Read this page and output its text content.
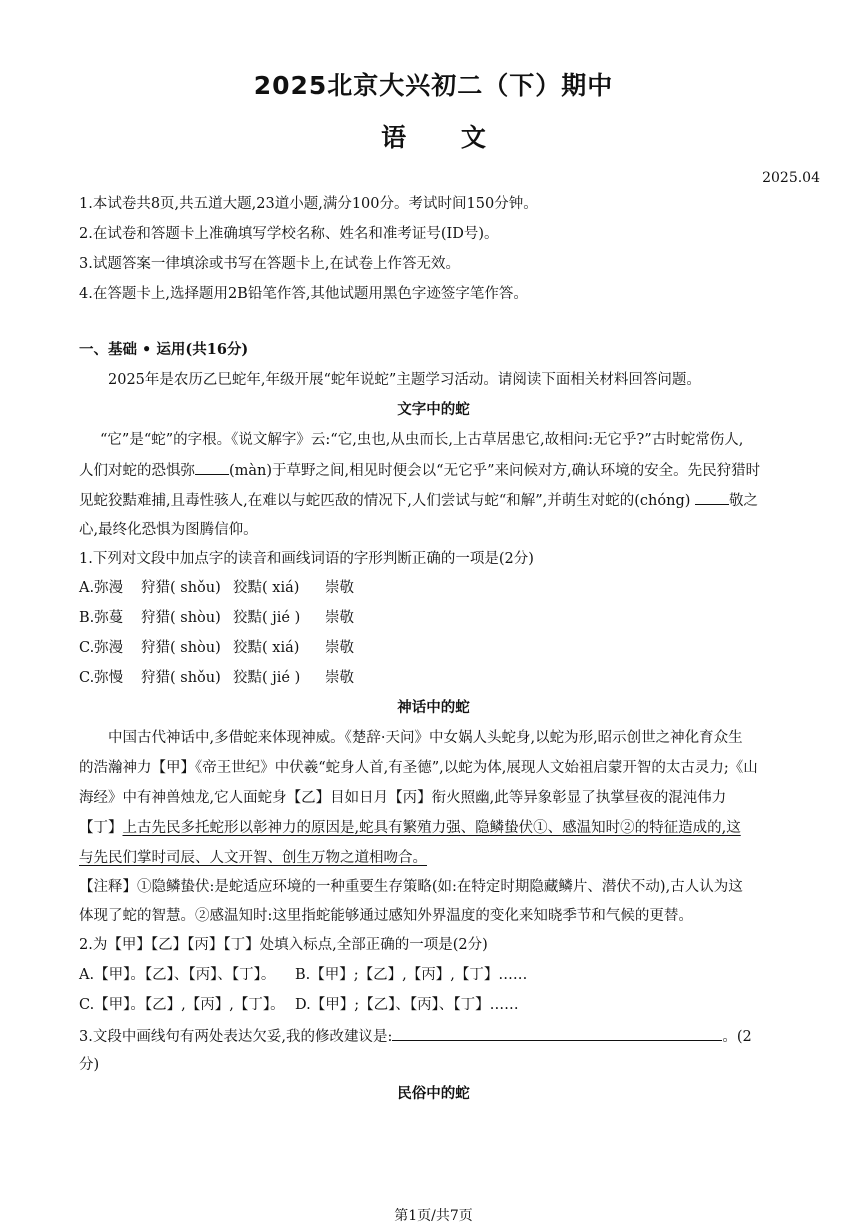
2025北京大兴初二（下）期中
语 文
2025.04
1.本试卷共8页,共五道大题,23道小题,满分100分。考试时间150分钟。
2.在试卷和答题卡上准确填写学校名称、姓名和准考证号(ID号)。
3.试题答案一律填涂或书写在答题卡上,在试卷上作答无效。
4.在答题卡上,选择题用2B铅笔作答,其他试题用黑色字迹签字笔作答。
一、基础 • 运用(共16分)
2025年是农历乙巳蛇年,年级开展“蛇年说蛇”主题学习活动。请阅读下面相关材料回答问题。
文字中的蛇
“它”是“蛇”的字根。《说文解字》云:“它,虫也,从虫而长,上古草居患它,故相问:无它乎?”古时蛇常伤人,
人们对蛇的恐惧弥 (màn)于草野之间,相见时便会以“无它乎”来问候对方,确认环境的安全。先民狩猎时
见蛇狡黠难捕,且毒性骇人,在难以与蛇匹敌的情况下,人们尝试与蛇“和解”,并萌生对蛇的(chóng)	敬之
心,最终化恐惧为图腾信仰。
1.下列对文段中加点字的读音和画线词语的字形判断正确的一项是(2分)
A.弥漫 狩猎( shǒu) 狡黠( xiá) 崇敬
B.弥蔓 狩猎( shòu) 狡黠( jié ) 崇敬
C.弥漫 狩猎( shòu) 狡黠( xiá) 崇敬
C.弥慢 狩猎( shǒu) 狡黠( jié ) 崇敬
神话中的蛇
中国古代神话中,多借蛇来体现神威。《楚辞·天问》中女娲人头蛇身,以蛇为形,昭示创世之神化育众生
的浩瀚神力【甲】《帝王世纪》中伏羲“蛇身人首,有圣德”,以蛇为体,展现人文始祖启蒙开智的太古灵力;《山
海经》中有神兽烛龙,它人面蛇身【乙】目如日月【丙】衔火照幽,此等异象彰显了执掌昼夜的混沌伟力
【丁】上古先民多托蛇形以彰神力的原因是,蛇具有繁殖力强、隐鳞蛰伏①、感温知时②的特征造成的,这
与先民们掌时司辰、人文开智、创生万物之道相吻合。
【注释】①隐鳞蛰伏:是蛇适应环境的一种重要生存策略(如:在特定时期隐藏鳞片、潜伏不动),古人认为这
体现了蛇的智慧。②感温知时:这里指蛇能够通过感知外界温度的变化来知晓季节和气候的更替。
2.为【甲】【乙】【丙】【丁】处填入标点,全部正确的一项是(2分)
A.【甲】。【乙】、【丙】、【丁】。 B.【甲】;【乙】,【丙】,【丁】……
C.【甲】。【乙】,【丙】,【丁】。 D.【甲】;【乙】、【丙】、【丁】……
3.文段中画线句有两处表达欠妥,我的修改建议是:	。(2
分)
民俗中的蛇
第1页/共7页
